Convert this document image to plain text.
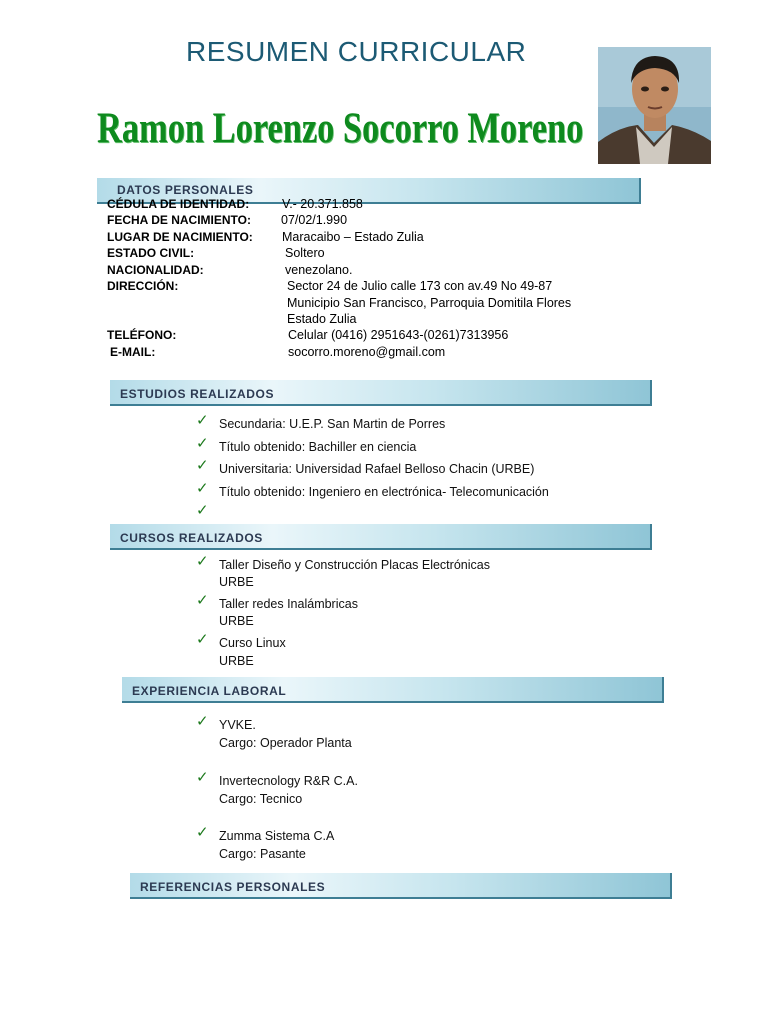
RESUMEN CURRICULAR
Ramon Lorenzo Socorro Moreno
DATOS PERSONALES
CÉDULA DE IDENTIDAD:	V.- 20.371.858
FECHA DE NACIMIENTO: 07/02/1.990
LUGAR DE NACIMIENTO: Maracaibo – Estado Zulia
ESTADO CIVIL:	Soltero
NACIONALIDAD:	venezolano.
DIRECCIÓN:	Sector 24 de Julio calle 173 con av.49 No 49-87
Municipio San Francisco, Parroquia Domitila Flores
Estado Zulia
TELÉFONO:	Celular (0416) 2951643-(0261)7313956
E-MAIL:	socorro.moreno@gmail.com
ESTUDIOS REALIZADOS
✓ Secundaria: U.E.P. San Martin de Porres
✓ Título obtenido: Bachiller en ciencia
✓ Universitaria: Universidad Rafael Belloso Chacin (URBE)
✓ Título obtenido: Ingeniero en electrónica- Telecomunicación
✓
CURSOS REALIZADOS
✓ Taller Diseño y Construcción Placas Electrónicas
URBE
✓ Taller redes Inalámbricas
URBE
✓ Curso Linux
URBE
EXPERIENCIA LABORAL
✓ YVKE.
Cargo: Operador Planta
✓ Invertecnology R&R C.A.
Cargo: Tecnico
✓ Zumma Sistema C.A
Cargo: Pasante
REFERENCIAS PERSONALES
